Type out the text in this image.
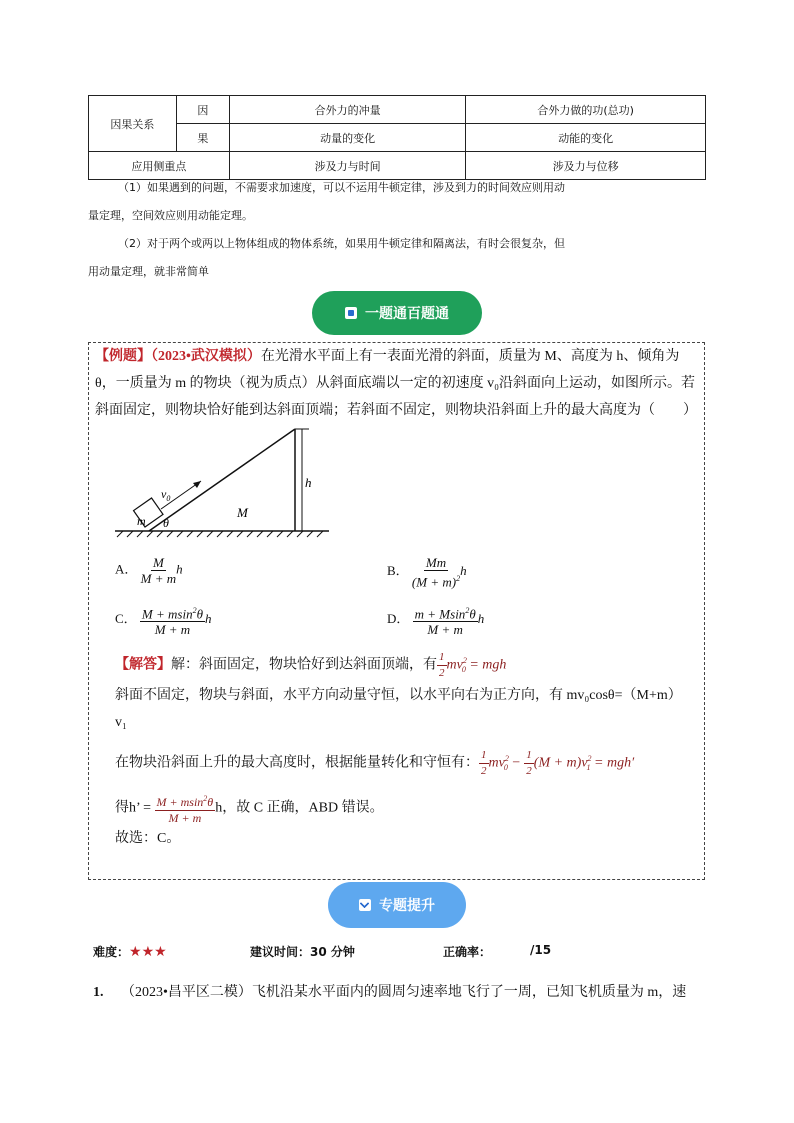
因果关系	因	合外力的冲量	合外力做的功(总功)
	果	动量的变化	动能的变化
应用侧重点		涉及力与时间	涉及力与位移
（1）如果遇到的问题，不需要求加速度，可以不运用牛顿定律，涉及到力的时间效应则用动
量定理，空间效应则用动能定理。
（2）对于两个或两以上物体组成的物体系统，如果用牛顿定律和隔离法，有时会很复杂，但
用动量定理，就非常简单
一题通百题通
【例题】（2023•武汉模拟）在光滑水平面上有一表面光滑的斜面，质量为 M、高度为 h、倾角为
θ，一质量为 m 的物块（视为质点）从斜面底端以一定的初速度 v₀沿斜面向上运动，如图所示。若
斜面固定，则物块恰好能到达斜面顶端；若斜面不固定，则物块沿斜面上升的最大高度为（　　）
$v_0$
m θ
M
h
A． $\frac{M}{M + m}$ h	B． $\frac{Mm}{(M + m)^2}$ h
C． $\frac{M + msin^2\theta}{M + m}$ h	D． $\frac{m + Msin^2\theta}{M + m}$ h
【解答】解：斜面固定，物块恰好到达斜面顶端，有 $\frac{1}{2} mv^2_0$ = mgh
斜面不固定，物块与斜面，水平方向动量守恒，以水平向右为正方向，有 mv₀cosθ=（M+m）
v₁
在物块沿斜面上升的最大高度时，根据能量转化和守恒有： $\frac{1}{2} mv^2_0 - \frac{1}{2} (M + m)v^2_1 = mgh'$
得h’ = $\frac{M + msin^2\theta}{M + m}$ h，故 C 正确，ABD 错误。
故选：C。
专题提升
难度：★★★	建议时间：30 分钟	正确率：	/15
1. （2023•昌平区二模）飞机沿某水平面内的圆周匀速率地飞行了一周，已知飞机质量为 m，速
